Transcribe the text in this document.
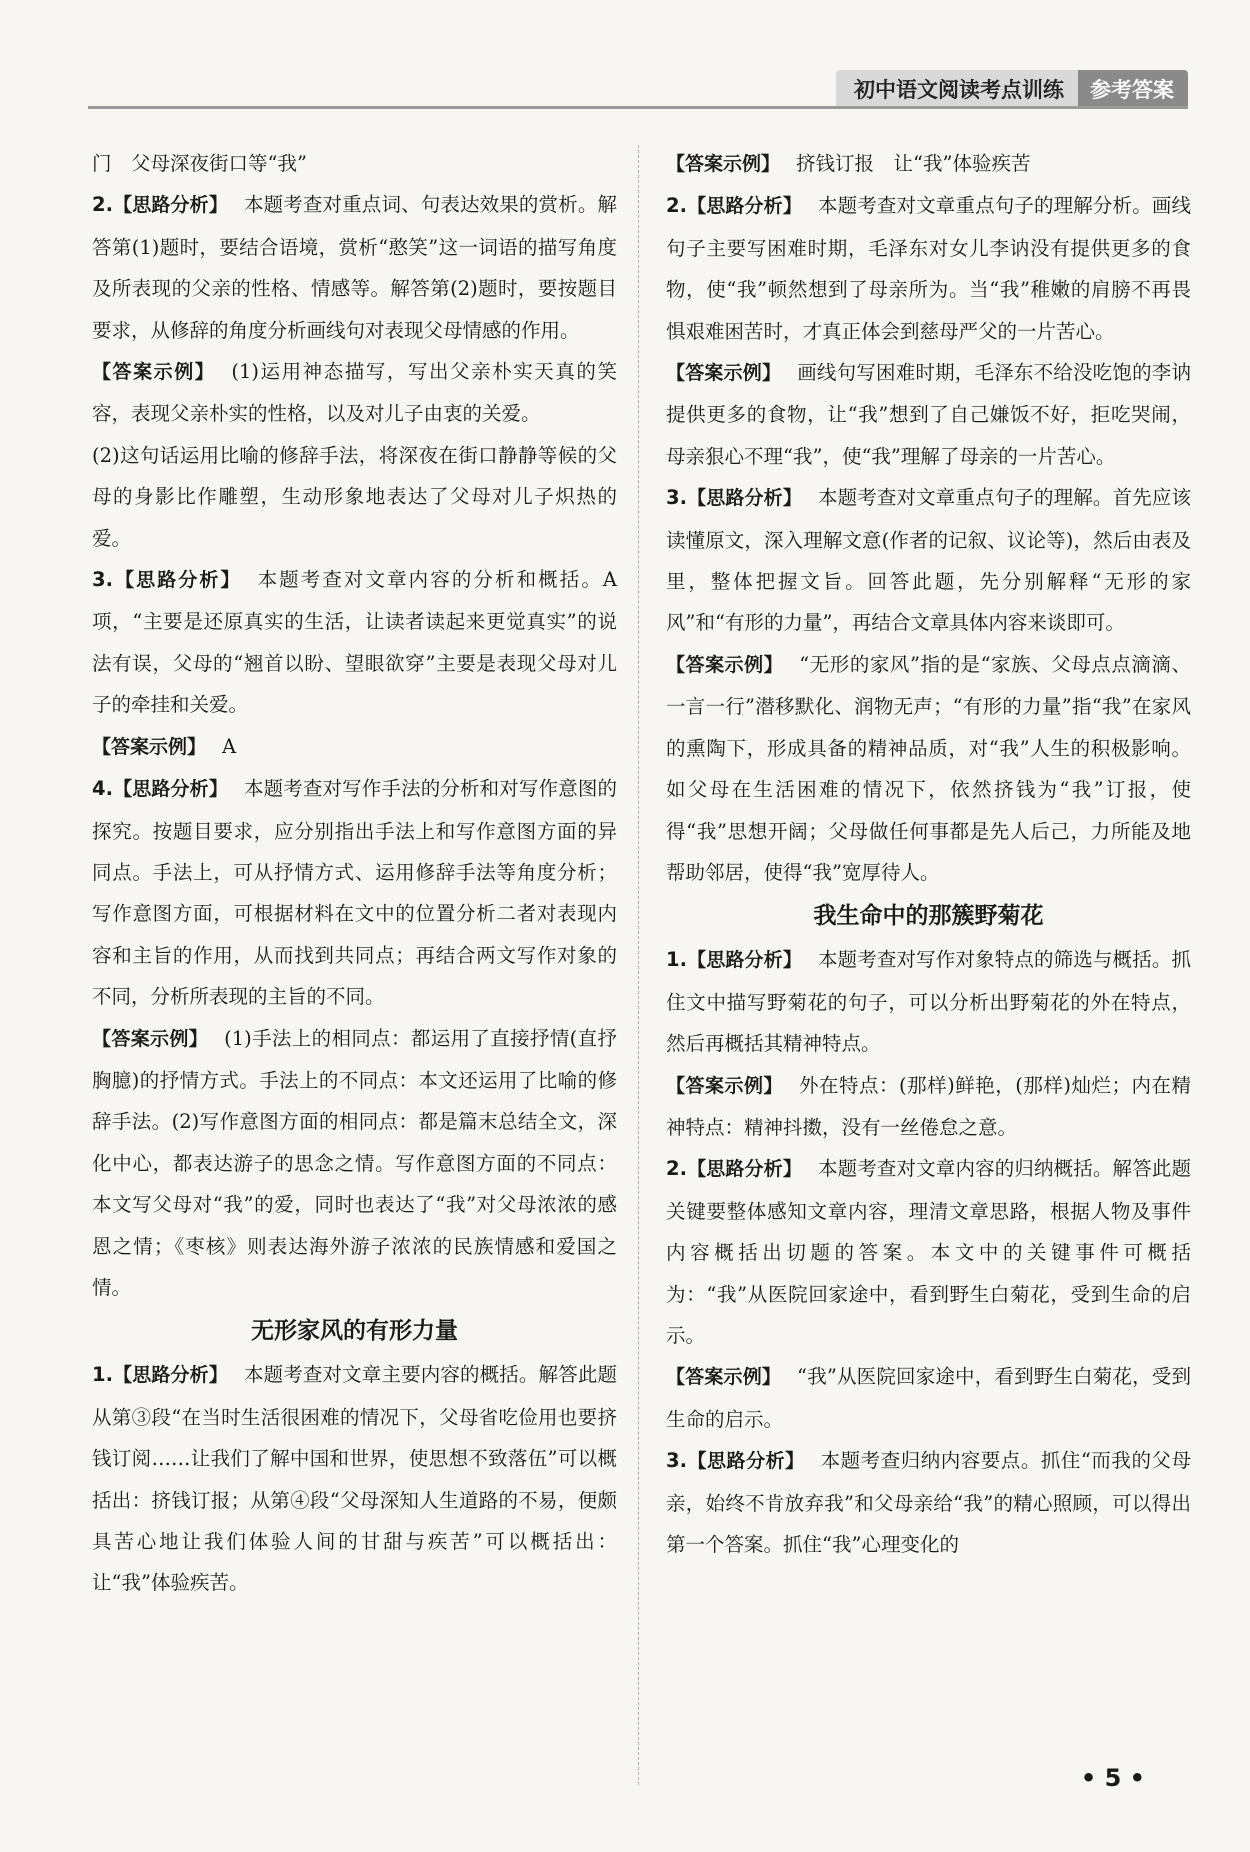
初中语文阅读考点训练	参考答案

门　父母深夜街口等“我”

2.【思路分析】 本题考查对重点词、句表达效果的赏析。解答第(1)题时，要结合语境，赏析“憨笑”这一词语的描写角度及所表现的父亲的性格、情感等。解答第(2)题时，要按题目要求，从修辞的角度分析画线句对表现父母情感的作用。

【答案示例】 (1)运用神态描写，写出父亲朴实天真的笑容，表现父亲朴实的性格，以及对儿子由衷的关爱。

(2)这句话运用比喻的修辞手法，将深夜在街口静静等候的父母的身影比作雕塑，生动形象地表达了父母对儿子炽热的爱。

3.【思路分析】 本题考查对文章内容的分析和概括。A项，“主要是还原真实的生活，让读者读起来更觉真实”的说法有误，父母的“翘首以盼、望眼欲穿”主要是表现父母对儿子的牵挂和关爱。

【答案示例】 A

4.【思路分析】 本题考查对写作手法的分析和对写作意图的探究。按题目要求，应分别指出手法上和写作意图方面的异同点。手法上，可从抒情方式、运用修辞手法等角度分析；写作意图方面，可根据材料在文中的位置分析二者对表现内容和主旨的作用，从而找到共同点；再结合两文写作对象的不同，分析所表现的主旨的不同。

【答案示例】 (1)手法上的相同点：都运用了直接抒情(直抒胸臆)的抒情方式。手法上的不同点：本文还运用了比喻的修辞手法。(2)写作意图方面的相同点：都是篇末总结全文，深化中心，都表达游子的思念之情。写作意图方面的不同点：本文写父母对“我”的爱，同时也表达了“我”对父母浓浓的感恩之情；《枣核》则表达海外游子浓浓的民族情感和爱国之情。

无形家风的有形力量

1.【思路分析】 本题考查对文章主要内容的概括。解答此题从第③段“在当时生活很困难的情况下，父母省吃俭用也要挤钱订阅……让我们了解中国和世界，使思想不致落伍”可以概括出：挤钱订报；从第④段“父母深知人生道路的不易，便颇具苦心地让我们体验人间的甘甜与疾苦”可以概括出：让“我”体验疾苦。

【答案示例】 挤钱订报　让“我”体验疾苦

2.【思路分析】 本题考查对文章重点句子的理解分析。画线句子主要写困难时期，毛泽东对女儿李讷没有提供更多的食物，使“我”顿然想到了母亲所为。当“我”稚嫩的肩膀不再畏惧艰难困苦时，才真正体会到慈母严父的一片苦心。

【答案示例】 画线句写困难时期，毛泽东不给没吃饱的李讷提供更多的食物，让“我”想到了自己嫌饭不好，拒吃哭闹，母亲狠心不理“我”，使“我”理解了母亲的一片苦心。

3.【思路分析】 本题考查对文章重点句子的理解。首先应该读懂原文，深入理解文意(作者的记叙、议论等)，然后由表及里，整体把握文旨。回答此题，先分别解释“无形的家风”和“有形的力量”，再结合文章具体内容来谈即可。

【答案示例】 “无形的家风”指的是“家族、父母点点滴滴、一言一行”潜移默化、润物无声；“有形的力量”指“我”在家风的熏陶下，形成具备的精神品质，对“我”人生的积极影响。如父母在生活困难的情况下，依然挤钱为“我”订报，使得“我”思想开阔；父母做任何事都是先人后己，力所能及地帮助邻居，使得“我”宽厚待人。

我生命中的那簇野菊花

1.【思路分析】 本题考查对写作对象特点的筛选与概括。抓住文中描写野菊花的句子，可以分析出野菊花的外在特点，然后再概括其精神特点。

【答案示例】 外在特点：(那样)鲜艳，(那样)灿烂；内在精神特点：精神抖擞，没有一丝倦怠之意。

2.【思路分析】 本题考查对文章内容的归纳概括。解答此题关键要整体感知文章内容，理清文章思路，根据人物及事件内容概括出切题的答案。本文中的关键事件可概括为：“我”从医院回家途中，看到野生白菊花，受到生命的启示。

【答案示例】 “我”从医院回家途中，看到野生白菊花，受到生命的启示。

3.【思路分析】 本题考查归纳内容要点。抓住“而我的父母亲，始终不肯放弃我”和父母亲给“我”的精心照顾，可以得出第一个答案。抓住“我”心理变化的

• 5 •
